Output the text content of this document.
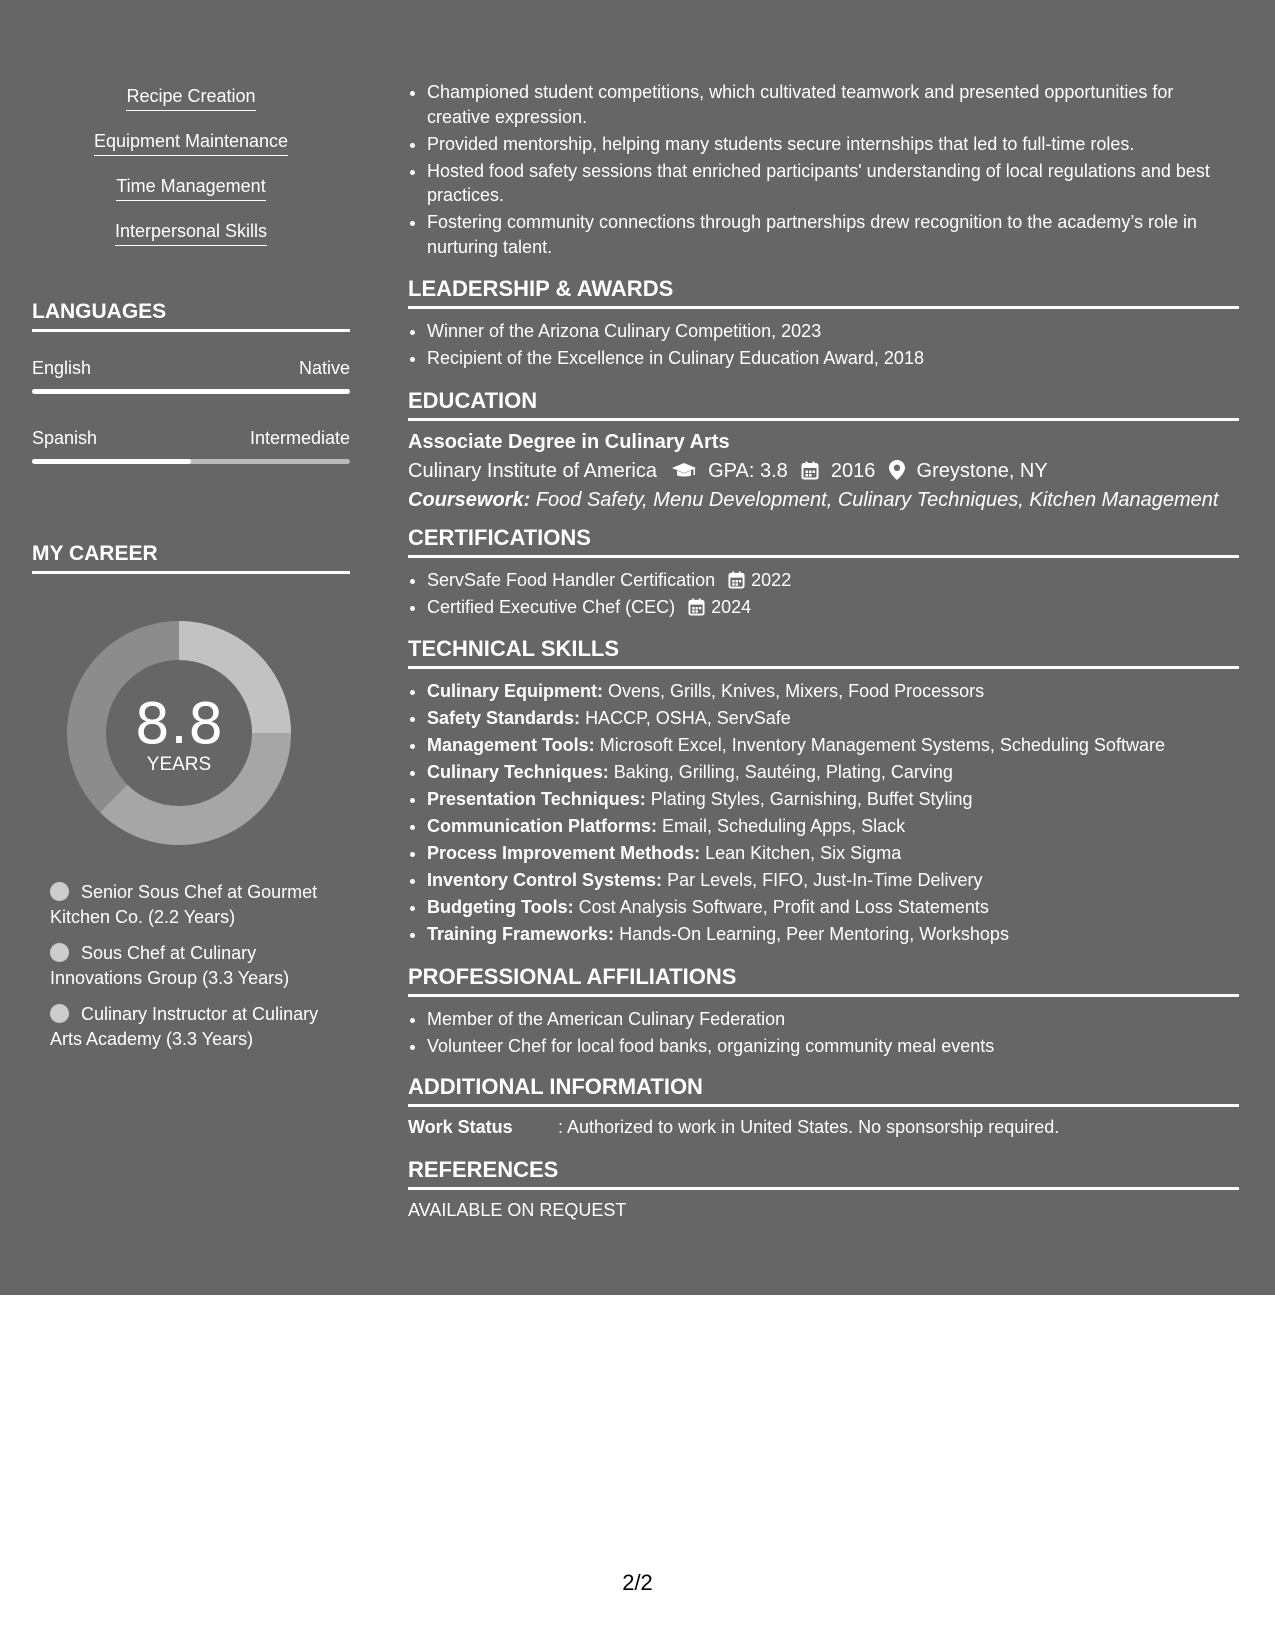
Recipe Creation
Equipment Maintenance
Time Management
Interpersonal Skills
LANGUAGES
English	Native
Spanish	Intermediate
MY CAREER
8.8
YEARS
Senior Sous Chef at Gourmet Kitchen Co. (2.2 Years)
Sous Chef at Culinary Innovations Group (3.3 Years)
Culinary Instructor at Culinary Arts Academy (3.3 Years)
• Championed student competitions, which cultivated teamwork and presented opportunities for creative expression.
• Provided mentorship, helping many students secure internships that led to full-time roles.
• Hosted food safety sessions that enriched participants' understanding of local regulations and best practices.
• Fostering community connections through partnerships drew recognition to the academy’s role in nurturing talent.
LEADERSHIP & AWARDS
• Winner of the Arizona Culinary Competition, 2023
• Recipient of the Excellence in Culinary Education Award, 2018
EDUCATION
Associate Degree in Culinary Arts
Culinary Institute of America	GPA: 3.8 2016 Greystone, NY
Coursework: Food Safety, Menu Development, Culinary Techniques, Kitchen Management
CERTIFICATIONS
• ServSafe Food Handler Certification 2022
• Certified Executive Chef (CEC) 2024
TECHNICAL SKILLS
• Culinary Equipment: Ovens, Grills, Knives, Mixers, Food Processors
• Safety Standards: HACCP, OSHA, ServSafe
• Management Tools: Microsoft Excel, Inventory Management Systems, Scheduling Software
• Culinary Techniques: Baking, Grilling, Sautéing, Plating, Carving
• Presentation Techniques: Plating Styles, Garnishing, Buffet Styling
• Communication Platforms: Email, Scheduling Apps, Slack
• Process Improvement Methods: Lean Kitchen, Six Sigma
• Inventory Control Systems: Par Levels, FIFO, Just-In-Time Delivery
• Budgeting Tools: Cost Analysis Software, Profit and Loss Statements
• Training Frameworks: Hands-On Learning, Peer Mentoring, Workshops
PROFESSIONAL AFFILIATIONS
• Member of the American Culinary Federation
• Volunteer Chef for local food banks, organizing community meal events
ADDITIONAL INFORMATION
Work Status	: Authorized to work in United States. No sponsorship required.
REFERENCES
AVAILABLE ON REQUEST
2/2
